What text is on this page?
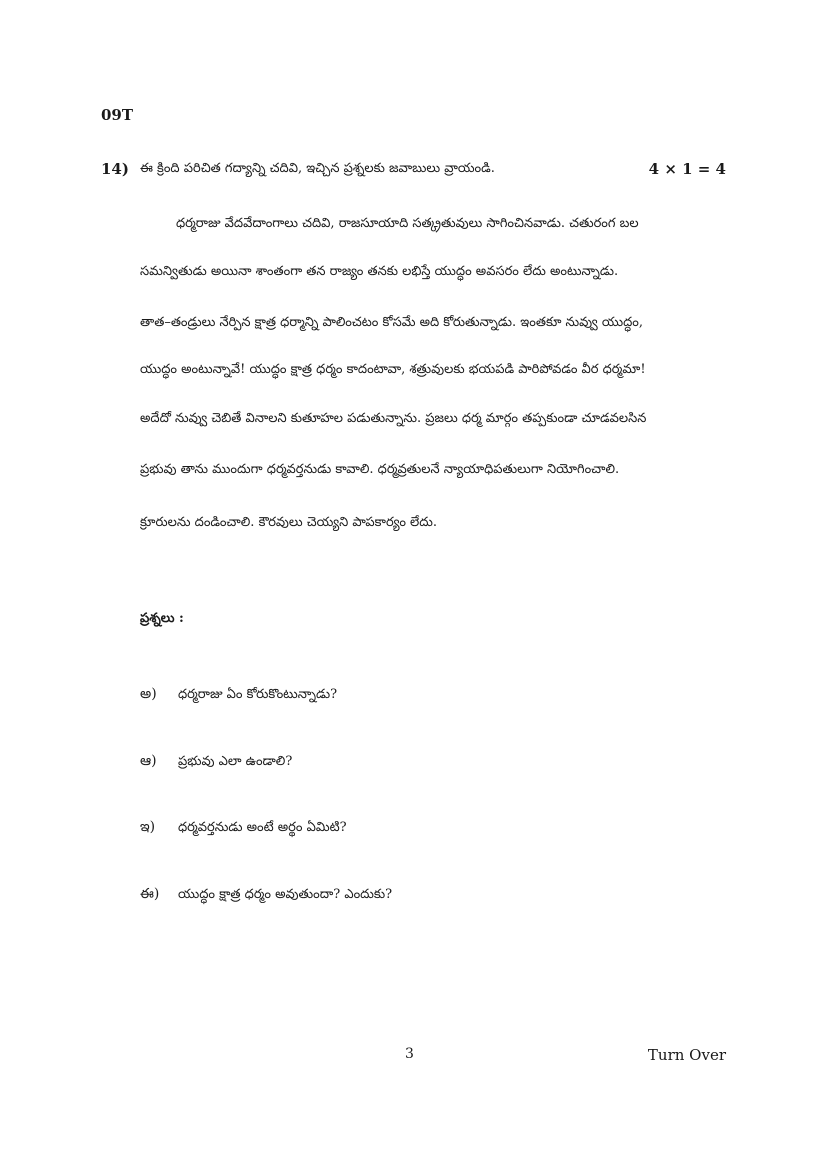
09T
14) ఈ క్రింది పరిచిత గద్యాన్ని చదివి, ఇచ్చిన ప్రశ్నలకు జవాబులు వ్రాయండి.	4 × 1 = 4
ధర్మరాజు వేదవేదాంగాలు చదివి, రాజసూయాది సత్క్రతువులు సాగించినవాడు. చతురంగ బల
సమన్వితుడు అయినా శాంతంగా తన రాజ్యం తనకు లభిస్తే యుద్ధం అవసరం లేదు అంటున్నాడు.
తాత–తండ్రులు నేర్పిన క్షాత్ర ధర్మాన్ని పాలించటం కోసమే అది కోరుతున్నాడు. ఇంతకూ నువ్వు యుద్ధం,
యుద్ధం అంటున్నావే! యుద్ధం క్షాత్ర ధర్మం కాదంటావా, శత్రువులకు భయపడి పారిపోవడం వీర ధర్మమా!
అదేదో నువ్వు చెబితే వినాలని కుతూహల పడుతున్నాను. ప్రజలు ధర్మ మార్గం తప్పకుండా చూడవలసిన
ప్రభువు తాను ముందుగా ధర్మవర్తనుడు కావాలి. ధర్మవ్రతులనే న్యాయాధిపతులుగా నియోగించాలి.
క్రూరులను దండించాలి. కౌరవులు చెయ్యని పాపకార్యం లేదు.
ప్రశ్నలు :
అ) ధర్మరాజు ఏం కోరుకొంటున్నాడు?
ఆ) ప్రభువు ఎలా ఉండాలి?
ఇ) ధర్మవర్తనుడు అంటే అర్థం ఏమిటి?
ఈ) యుద్ధం క్షాత్ర ధర్మం అవుతుందా? ఎందుకు?
3	Turn Over
